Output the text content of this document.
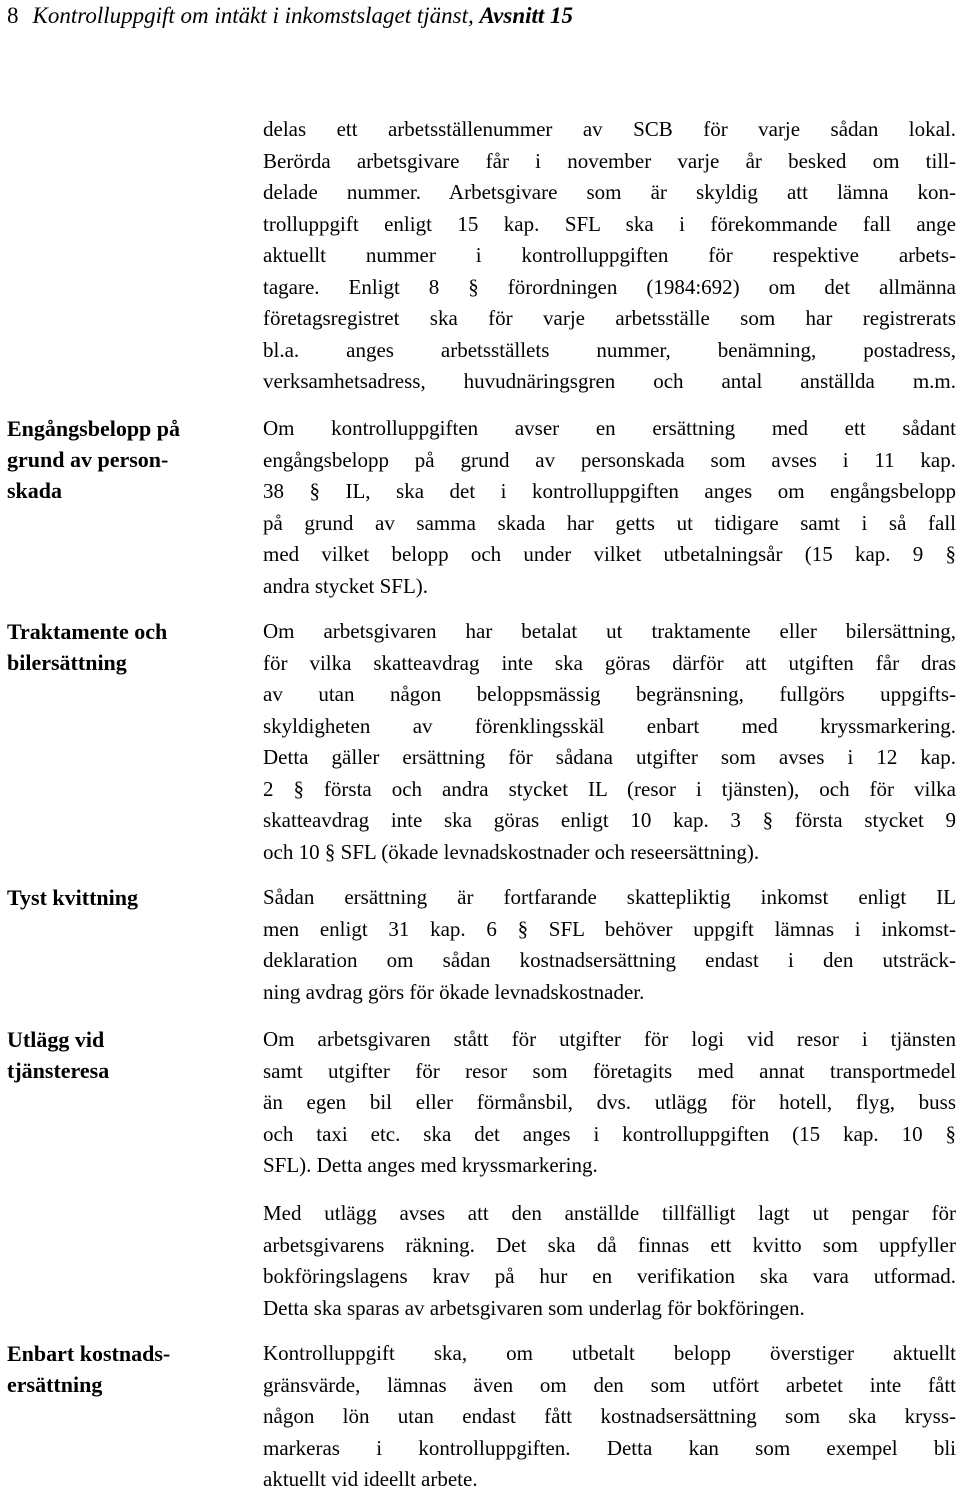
8 Kontrolluppgift om intäkt i inkomstslaget tjänst, Avsnitt 15
Engångsbelopp på
grund av person-
skada
Traktamente och
bilersättning
Tyst kvittning
Utlägg vid
tjänsteresa
Enbart kostnads-
ersättning
delas ett arbetsställenummer av SCB för varje sådan lokal.
Berörda arbetsgivare får i november varje år besked om till-
delade nummer. Arbetsgivare som är skyldig att lämna kon-
trolluppgift enligt 15 kap. SFL ska i förekommande fall ange
aktuellt nummer i kontrolluppgiften för respektive arbets-
tagare. Enligt 8 § förordningen (1984:692) om det allmänna
företagsregistret ska för varje arbetsställe som har registrerats
bl.a. anges arbetsställets nummer, benämning, postadress,
verksamhetsadress, huvudnäringsgren och antal anställda m.m.
Om kontrolluppgiften avser en ersättning med ett sådant
engångsbelopp på grund av personskada som avses i 11 kap.
38 § IL, ska det i kontrolluppgiften anges om engångsbelopp
på grund av samma skada har getts ut tidigare samt i så fall
med vilket belopp och under vilket utbetalningsår (15 kap. 9 §
andra stycket SFL).
Om arbetsgivaren har betalat ut traktamente eller bilersättning,
för vilka skatteavdrag inte ska göras därför att utgiften får dras
av utan någon beloppsmässig begränsning, fullgörs uppgifts-
skyldigheten av förenklingsskäl enbart med kryssmarkering.
Detta gäller ersättning för sådana utgifter som avses i 12 kap.
2 § första och andra stycket IL (resor i tjänsten), och för vilka
skatteavdrag inte ska göras enligt 10 kap. 3 § första stycket 9
och 10 § SFL (ökade levnadskostnader och reseersättning).
Sådan ersättning är fortfarande skattepliktig inkomst enligt IL
men enligt 31 kap. 6 § SFL behöver uppgift lämnas i inkomst-
deklaration om sådan kostnadsersättning endast i den utsträck-
ning avdrag görs för ökade levnadskostnader.
Om arbetsgivaren stått för utgifter för logi vid resor i tjänsten
samt utgifter för resor som företagits med annat transportmedel
än egen bil eller förmånsbil, dvs. utlägg för hotell, flyg, buss
och taxi etc. ska det anges i kontrolluppgiften (15 kap. 10 §
SFL). Detta anges med kryssmarkering.
Med utlägg avses att den anställde tillfälligt lagt ut pengar för
arbetsgivarens räkning. Det ska då finnas ett kvitto som uppfyller
bokföringslagens krav på hur en verifikation ska vara utformad.
Detta ska sparas av arbetsgivaren som underlag för bokföringen.
Kontrolluppgift ska, om utbetalt belopp överstiger aktuellt
gränsvärde, lämnas även om den som utfört arbetet inte fått
någon lön utan endast fått kostnadsersättning som ska kryss-
markeras i kontrolluppgiften. Detta kan som exempel bli
aktuellt vid ideellt arbete.
